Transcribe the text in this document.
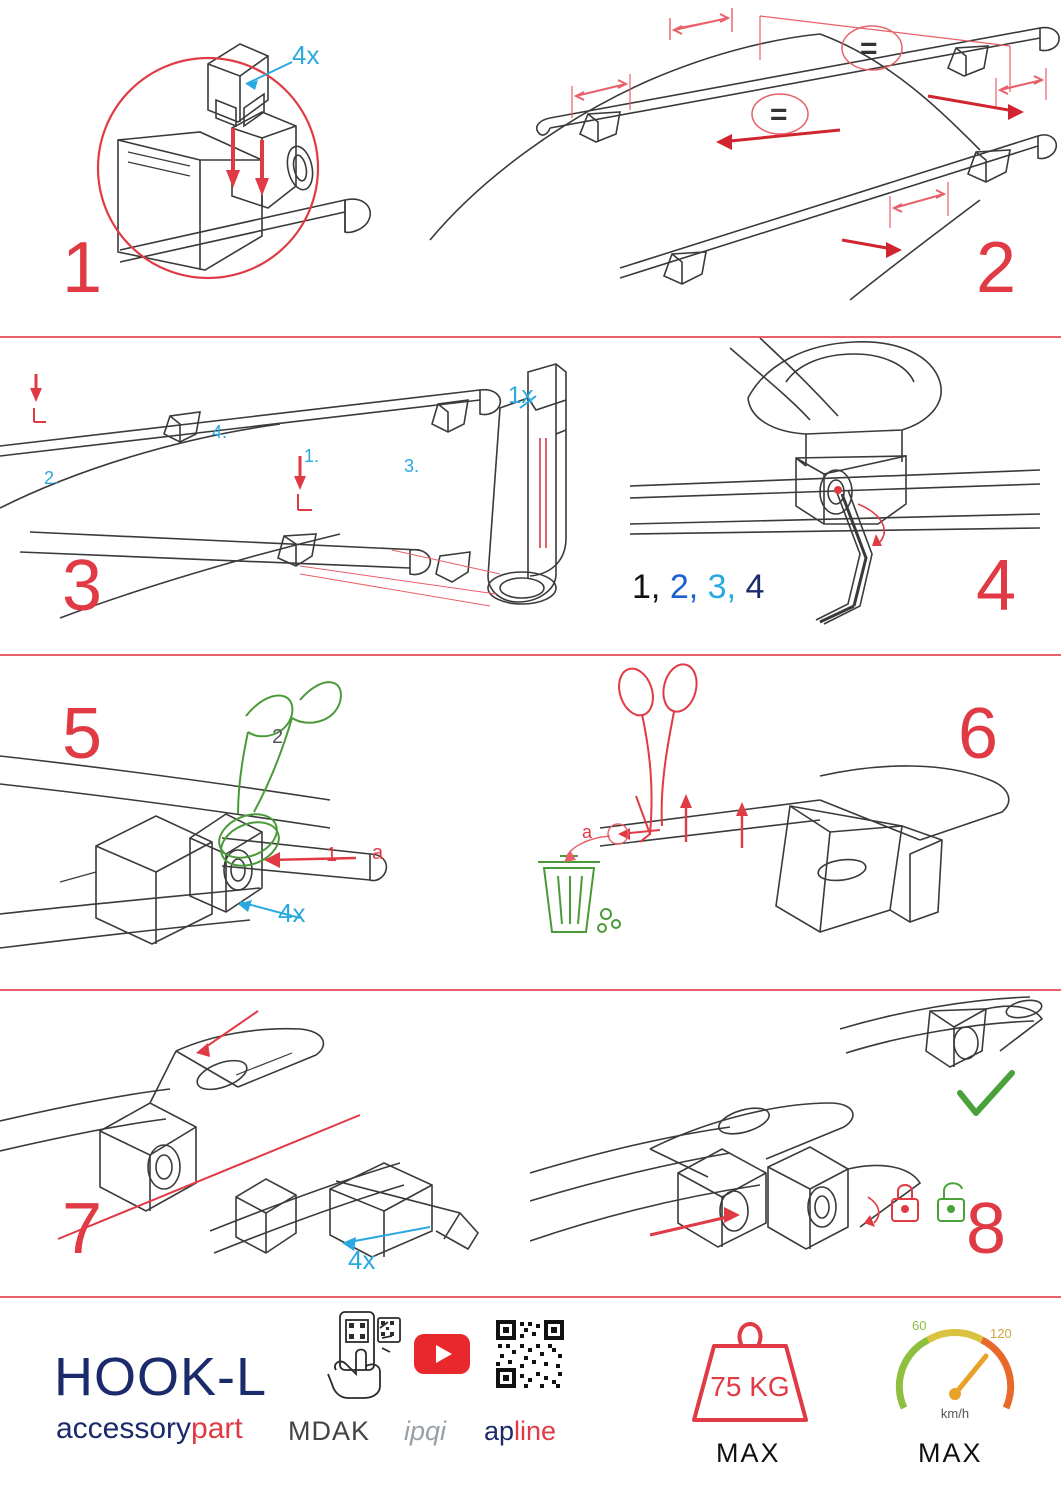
4x
1
=
=
2
1x
4.
2.
3.
1.
3	1, 2, 3, 4	4
5	2
1 a
4x
6
a
7	4x	8
HOOK-L
accessorypart MDAK ipqi apline
75 KG
MAX
60
120
km/h
MAX
